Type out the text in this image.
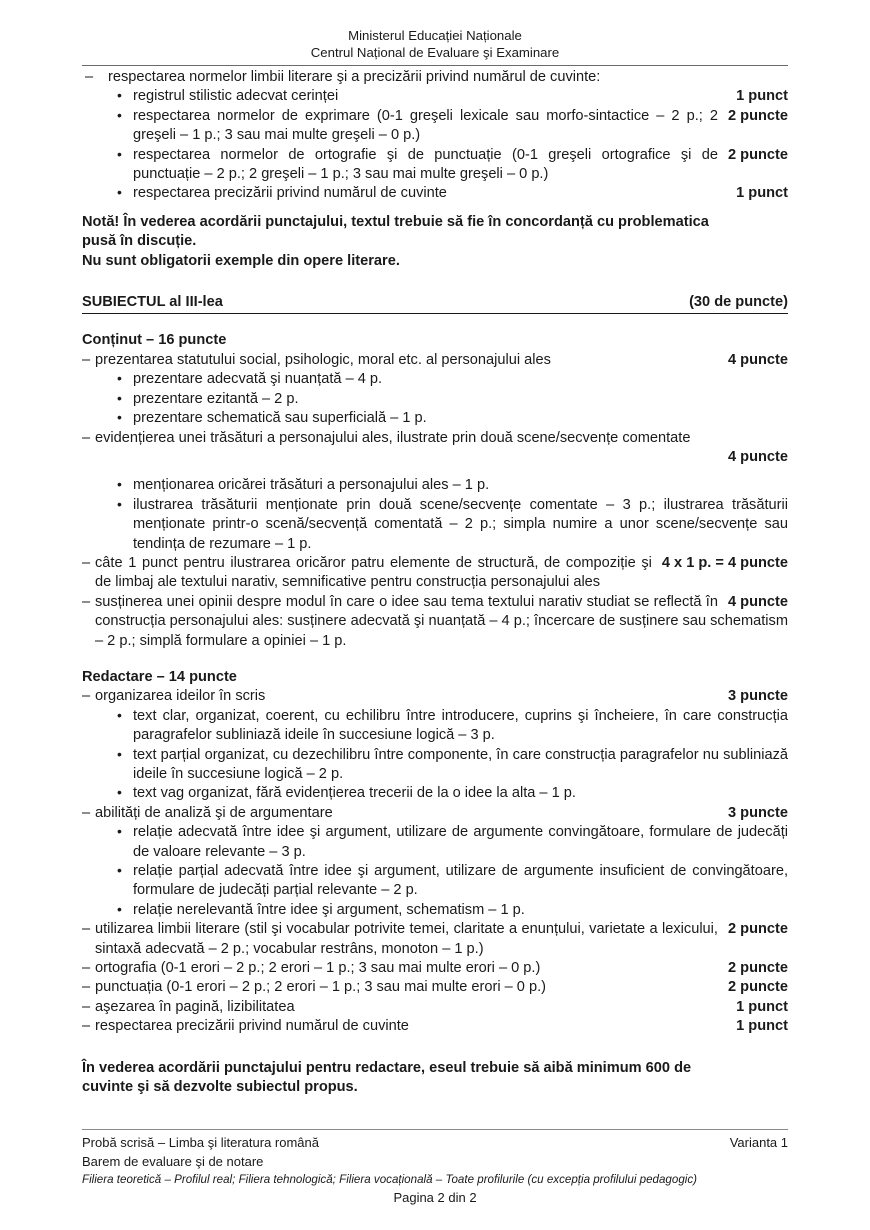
Ministerul Educației Naționale
Centrul Național de Evaluare şi Examinare
– respectarea normelor limbii literare şi a precizării privind numărul de cuvinte:
• 1 punct
registrul stilistic adecvat cerinței
• 2 puncte
respectarea normelor de exprimare (0-1 greşeli lexicale sau morfo-sintactice – 2 p.; 2 greşeli – 1 p.; 3 sau mai multe greşeli – 0 p.)
• 2 puncte
respectarea normelor de ortografie şi de punctuație (0-1 greşeli ortografice şi de punctuație – 2 p.; 2 greşeli – 1 p.; 3 sau mai multe greşeli – 0 p.)
• 1 punct
respectarea precizării privind numărul de cuvinte
Notă! În vederea acordării punctajului, textul trebuie să fie în concordanță cu problematica
pusă în discuție.
Nu sunt obligatorii exemple din opere literare.
SUBIECTUL al III-lea	(30 de puncte)
Conținut – 16 puncte
– 4 puncte
prezentarea statutului social, psihologic, moral etc. al personajului ales
• prezentare adecvată şi nuanțată – 4 p.
• prezentare ezitantă – 2 p.
• prezentare schematică sau superficială – 1 p.
– evidențierea unei trăsături a personajului ales, ilustrate prin două scene/secvențe comentate
4 puncte
• menționarea oricărei trăsături a personajului ales – 1 p.
• ilustrarea trăsăturii menționate prin două scene/secvențe comentate – 3 p.; ilustrarea trăsăturii menționate printr-o scenă/secvență comentată – 2 p.; simpla numire a unor scene/secvențe sau tendința de rezumare – 1 p.
– 4 x 1 p. = 4 puncte
câte 1 punct pentru ilustrarea oricăror patru elemente de structură, de compoziție şi de limbaj ale textului narativ, semnificative pentru construcția personajului ales
– 4 puncte
susținerea unei opinii despre modul în care o idee sau tema textului narativ studiat se reflectă în construcția personajului ales: susținere adecvată şi nuanțată – 4 p.; încercare de susținere sau schematism – 2 p.; simplă formulare a opiniei – 1 p.
Redactare – 14 puncte
– 3 puncte
organizarea ideilor în scris
• text clar, organizat, coerent, cu echilibru între introducere, cuprins şi încheiere, în care construcția paragrafelor subliniază ideile în succesiune logică – 3 p.
• text parțial organizat, cu dezechilibru între componente, în care construcția paragrafelor nu subliniază ideile în succesiune logică – 2 p.
• text vag organizat, fără evidențierea trecerii de la o idee la alta – 1 p.
– 3 puncte
abilități de analiză şi de argumentare
• relație adecvată între idee şi argument, utilizare de argumente convingătoare, formulare de judecăți de valoare relevante – 3 p.
• relație parțial adecvată între idee şi argument, utilizare de argumente insuficient de convingătoare, formulare de judecăți parțial relevante – 2 p.
• relație nerelevantă între idee şi argument, schematism – 1 p.
– 2 puncte
utilizarea limbii literare (stil şi vocabular potrivite temei, claritate a enunțului, varietate a lexicului, sintaxă adecvată – 2 p.; vocabular restrâns, monoton – 1 p.)
– 2 puncte
ortografia (0-1 erori – 2 p.; 2 erori – 1 p.; 3 sau mai multe erori – 0 p.)
– 2 puncte
punctuația (0-1 erori – 2 p.; 2 erori – 1 p.; 3 sau mai multe erori – 0 p.)
– 1 punct
aşezarea în pagină, lizibilitatea
– 1 punct
respectarea precizării privind numărul de cuvinte
În vederea acordării punctajului pentru redactare, eseul trebuie să aibă minimum 600 de
cuvinte şi să dezvolte subiectul propus.
Probă scrisă – Limba şi literatura română	Varianta 1
Barem de evaluare şi de notare
Filiera teoretică – Profilul real; Filiera tehnologică; Filiera vocațională – Toate profilurile (cu excepția profilului pedagogic)
Pagina 2 din 2
